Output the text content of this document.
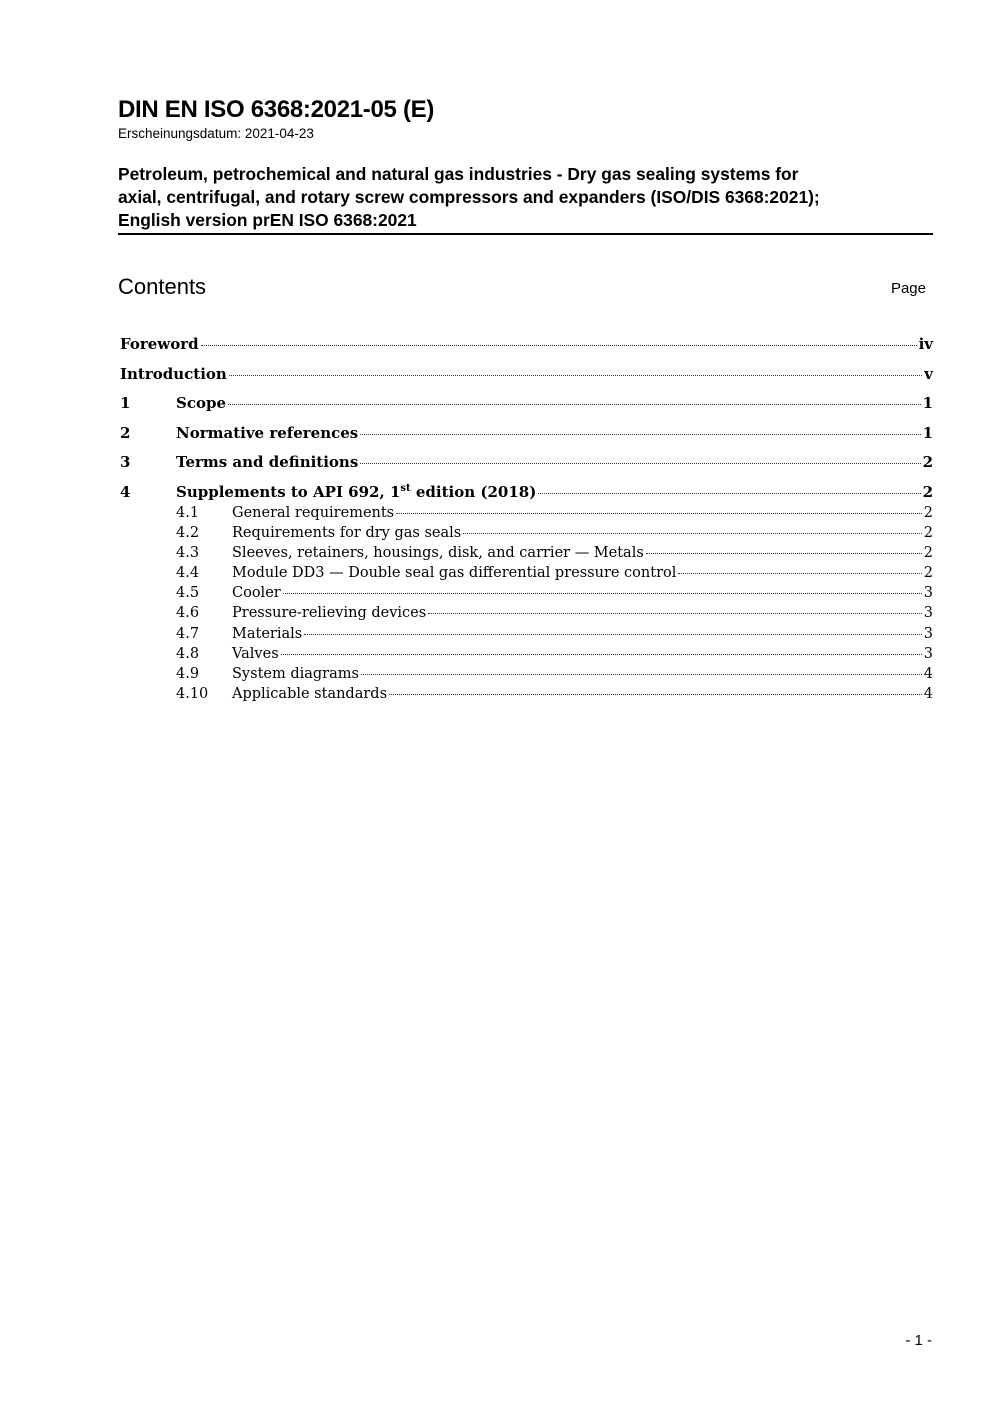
DIN EN ISO 6368:2021-05 (E)
Erscheinungsdatum: 2021-04-23
Petroleum, petrochemical and natural gas industries - Dry gas sealing systems for
axial, centrifugal, and rotary screw compressors and expanders (ISO/DIS 6368:2021);
English version prEN ISO 6368:2021
Contents	Page
Foreword	iv
Introduction	v
1	Scope	1
2	Normative references	1
3	Terms and definitions	2
4	Supplements to API 692, 1st edition (2018)	2
4.1	General requirements	2
4.2	Requirements for dry gas seals	2
4.3	Sleeves, retainers, housings, disk, and carrier — Metals	2
4.4	Module DD3 — Double seal gas differential pressure control	2
4.5	Cooler	3
4.6	Pressure-relieving devices	3
4.7	Materials	3
4.8	Valves	3
4.9	System diagrams	4
4.10	Applicable standards	4
- 1 -
